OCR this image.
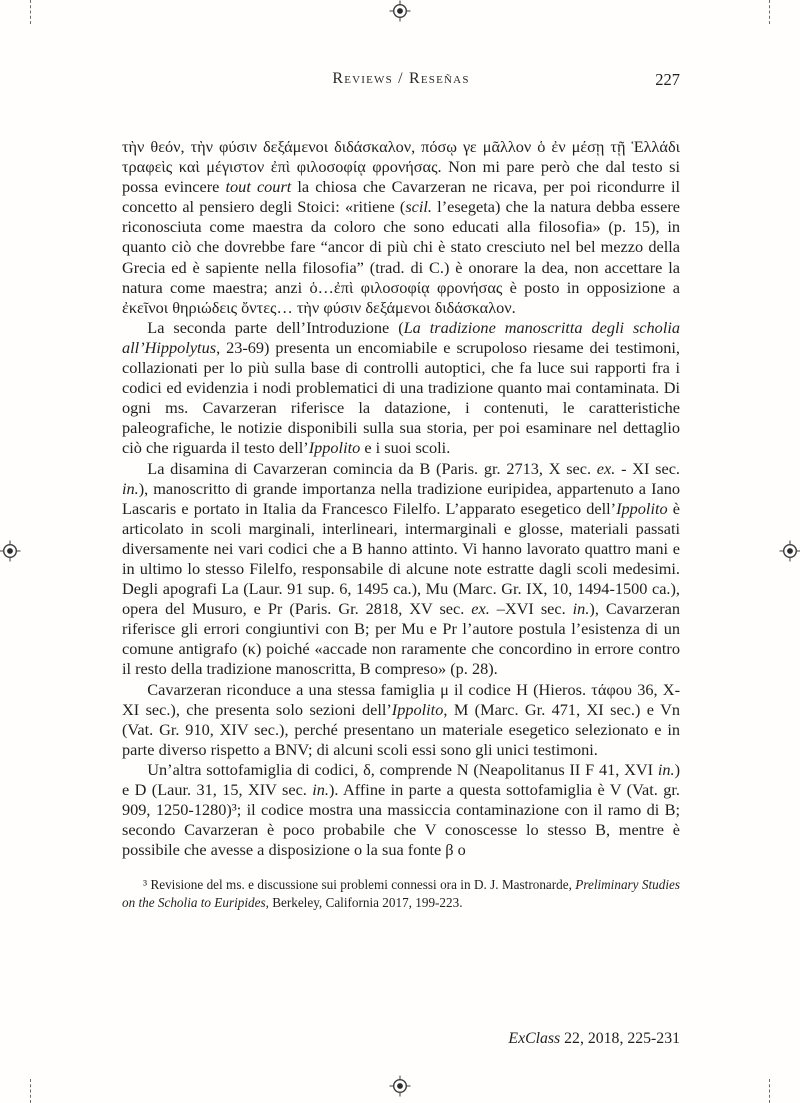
Reviews / Reseñas	227

τὴν θεόν, τὴν φύσιν δεξάμενοι διδάσκαλον, πόσῳ γε μᾶλλον ὁ ἐν μέσῃ τῇ Ἑλλάδι τραφεὶς καὶ μέγιστον ἐπὶ φιλοσοφίᾳ φρονήσας. Non mi pare però che dal testo si possa evincere tout court la chiosa che Cavarzeran ne ricava, per poi ricondurre il concetto al pensiero degli Stoici: «ritiene (scil. l’esegeta) che la natura debba essere riconosciuta come maestra da coloro che sono educati alla filosofia» (p. 15), in quanto ciò che dovrebbe fare “ancor di più chi è stato cresciuto nel bel mezzo della Grecia ed è sapiente nella filosofia” (trad. di C.) è onorare la dea, non accettare la natura come maestra; anzi ὁ…ἐπὶ φιλοσοφίᾳ φρονήσας è posto in opposizione a ἐκεῖνοι θηριώδεις ὄντες… τὴν φύσιν δεξάμενοι διδάσκαλον.

La seconda parte dell’Introduzione (La tradizione manoscritta degli scholia all’Hippolytus, 23-69) presenta un encomiabile e scrupoloso riesame dei testimoni, collazionati per lo più sulla base di controlli autoptici, che fa luce sui rapporti fra i codici ed evidenzia i nodi problematici di una tradizione quanto mai contaminata. Di ogni ms. Cavarzeran riferisce la datazione, i contenuti, le caratteristiche paleografiche, le notizie disponibili sulla sua storia, per poi esaminare nel dettaglio ciò che riguarda il testo dell’Ippolito e i suoi scoli.

La disamina di Cavarzeran comincia da B (Paris. gr. 2713, X sec. ex. - XI sec. in.), manoscritto di grande importanza nella tradizione euripidea, appartenuto a Iano Lascaris e portato in Italia da Francesco Filelfo. L’apparato esegetico dell’Ippolito è articolato in scoli marginali, interlineari, intermarginali e glosse, materiali passati diversamente nei vari codici che a B hanno attinto. Vi hanno lavorato quattro mani e in ultimo lo stesso Filelfo, responsabile di alcune note estratte dagli scoli medesimi. Degli apografi La (Laur. 91 sup. 6, 1495 ca.), Mu (Marc. Gr. IX, 10, 1494-1500 ca.), opera del Musuro, e Pr (Paris. Gr. 2818, XV sec. ex. –XVI sec. in.), Cavarzeran riferisce gli errori congiuntivi con B; per Mu e Pr l’autore postula l’esistenza di un comune antigrafo (κ) poiché «accade non raramente che concordino in errore contro il resto della tradizione manoscritta, B compreso» (p. 28).

Cavarzeran riconduce a una stessa famiglia μ il codice H (Hieros. τάφου 36, X-XI sec.), che presenta solo sezioni dell’Ippolito, M (Marc. Gr. 471, XI sec.) e Vn (Vat. Gr. 910, XIV sec.), perché presentano un materiale esegetico selezionato e in parte diverso rispetto a BNV; di alcuni scoli essi sono gli unici testimoni.

Un’altra sottofamiglia di codici, δ, comprende N (Neapolitanus II F 41, XVI in.) e D (Laur. 31, 15, XIV sec. in.). Affine in parte a questa sottofamiglia è V (Vat. gr. 909, 1250-1280)³; il codice mostra una massiccia contaminazione con il ramo di B; secondo Cavarzeran è poco probabile che V conoscesse lo stesso B, mentre è possibile che avesse a disposizione o la sua fonte β o

³ Revisione del ms. e discussione sui problemi connessi ora in D. J. Mastronarde, Preliminary Studies on the Scholia to Euripides, Berkeley, California 2017, 199-223.
ExClass 22, 2018, 225-231
